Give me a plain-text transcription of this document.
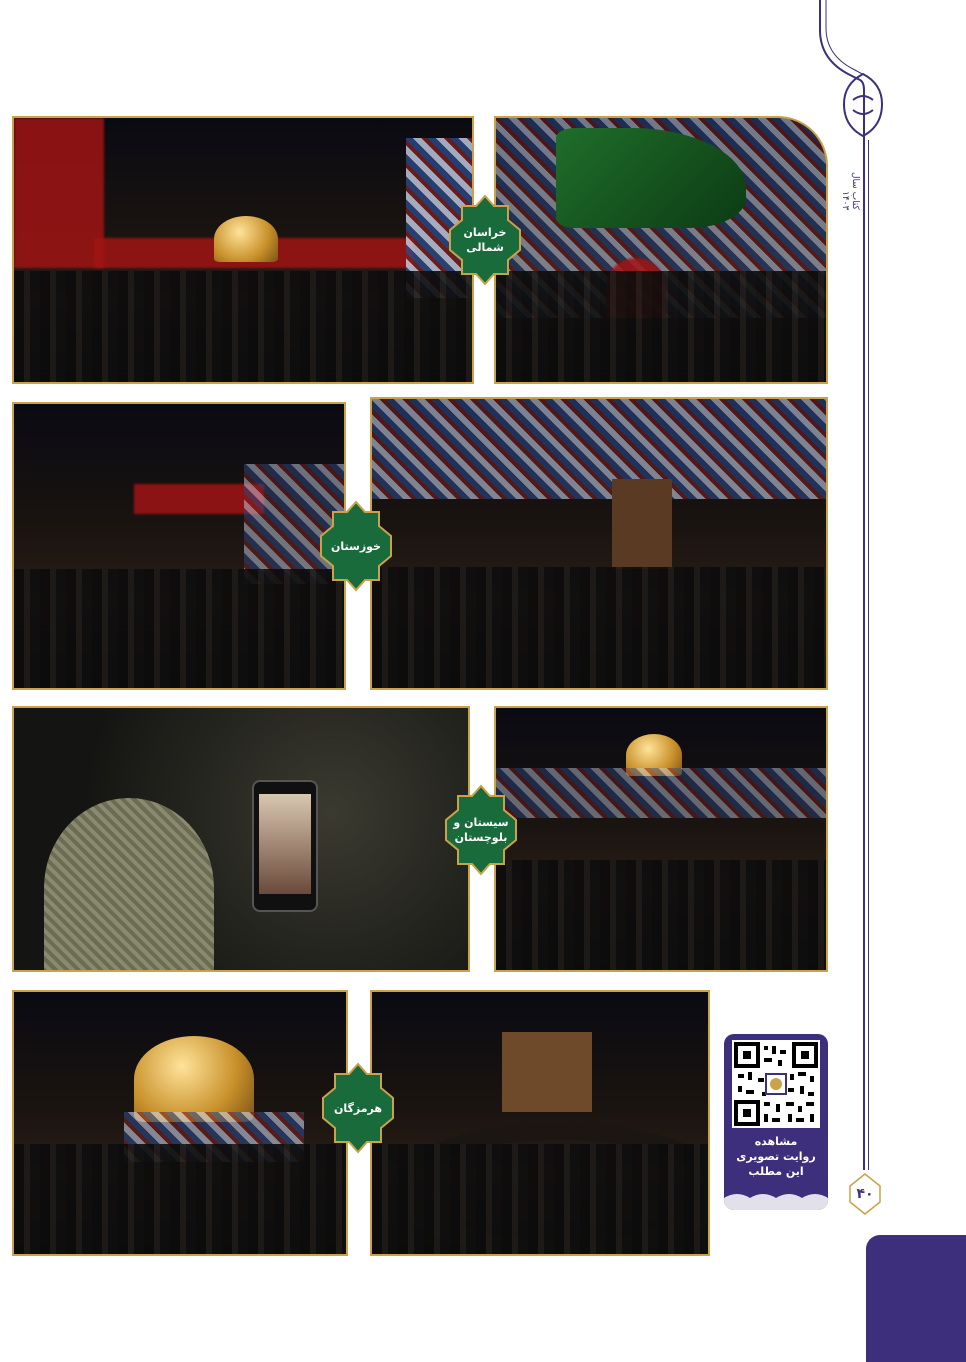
کتاب سال ۱۴۰۳
خراسان
شمالی
خوزستان
سیستان و
بلوچستان
هرمزگان
مشاهده
روایت تصویری
این مطلب
۴۰
